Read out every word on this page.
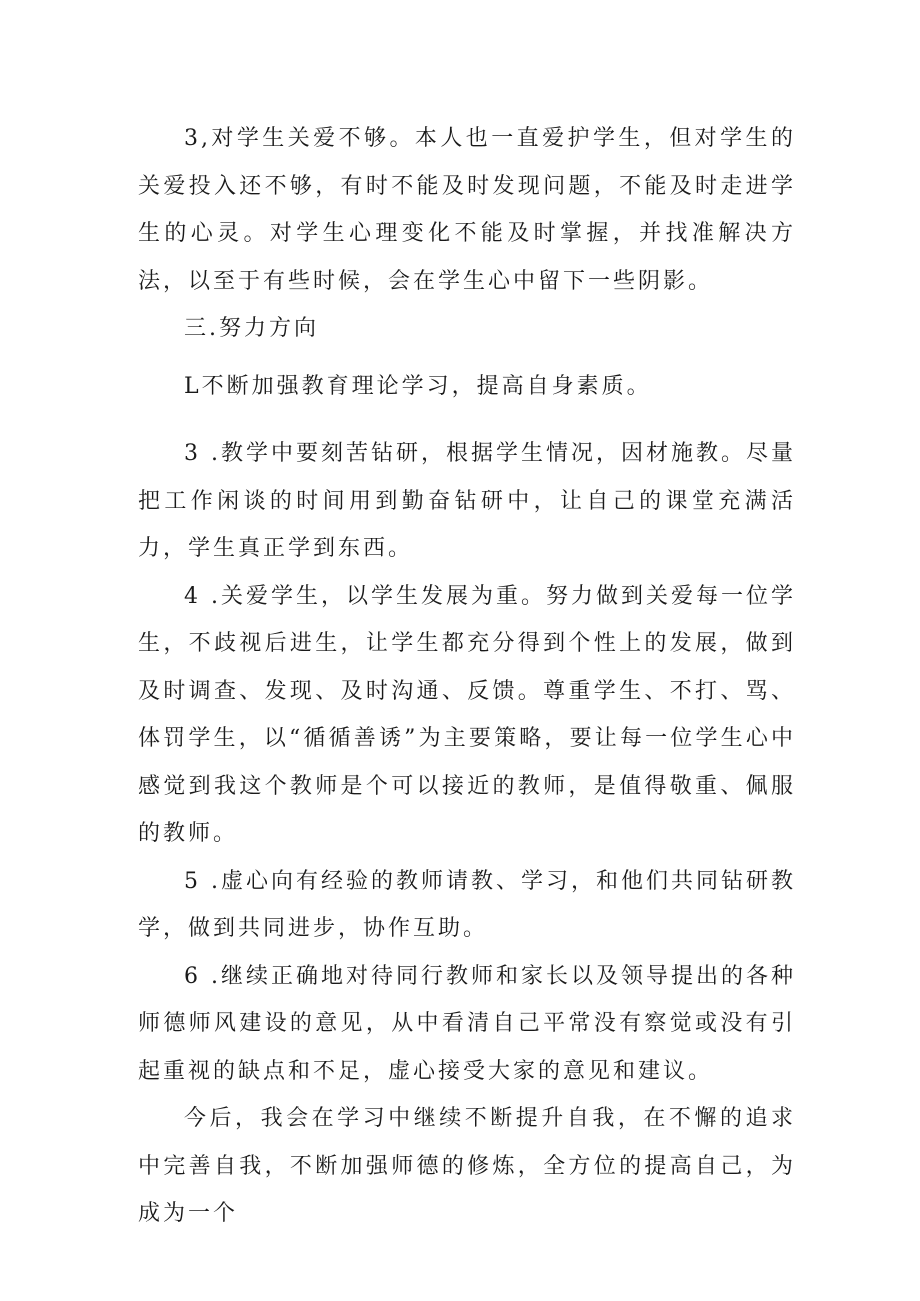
3,对学生关爱不够。本人也一直爱护学生，但对学生的关爱投入还不够，有时不能及时发现问题，不能及时走进学生的心灵。对学生心理变化不能及时掌握，并找准解决方法，以至于有些时候，会在学生心中留下一些阴影。

三.努力方向

L不断加强教育理论学习，提高自身素质。

3 .教学中要刻苦钻研，根据学生情况，因材施教。尽量把工作闲谈的时间用到勤奋钻研中，让自己的课堂充满活力，学生真正学到东西。

4 .关爱学生，以学生发展为重。努力做到关爱每一位学生，不歧视后进生，让学生都充分得到个性上的发展，做到及时调查、发现、及时沟通、反馈。尊重学生、不打、骂、体罚学生，以“循循善诱”为主要策略，要让每一位学生心中感觉到我这个教师是个可以接近的教师，是值得敬重、佩服的教师。

5 .虚心向有经验的教师请教、学习，和他们共同钻研教学，做到共同进步，协作互助。

6 .继续正确地对待同行教师和家长以及领导提出的各种师德师风建设的意见，从中看清自己平常没有察觉或没有引起重视的缺点和不足，虚心接受大家的意见和建议。

今后，我会在学习中继续不断提升自我，在不懈的追求中完善自我，不断加强师德的修炼，全方位的提高自己，为成为一个
